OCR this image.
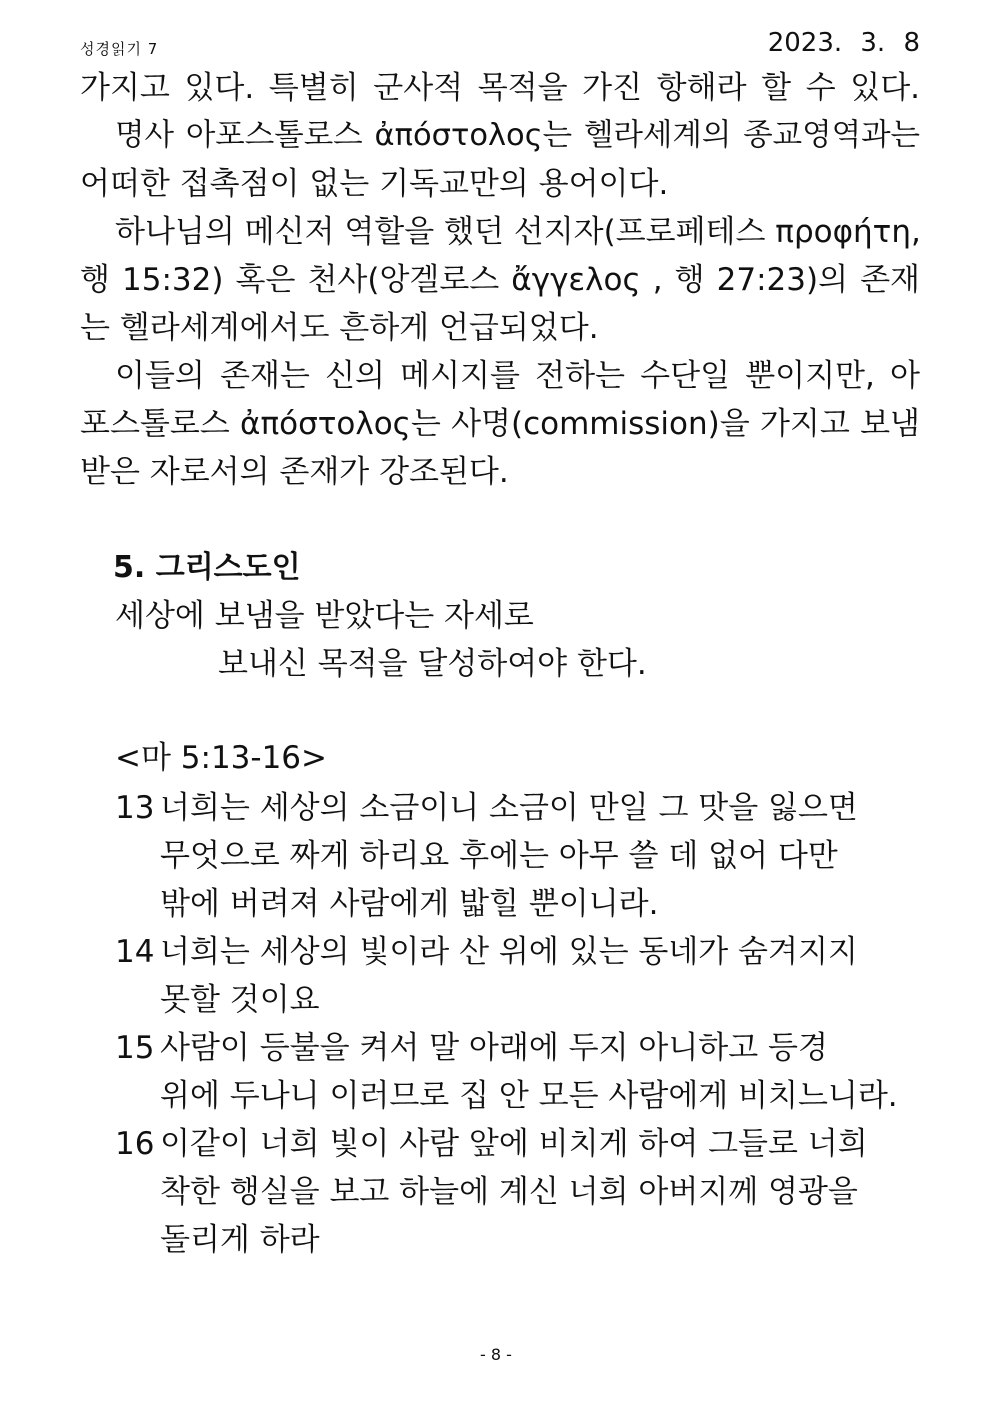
성경읽기 7	2023. 3. 8
가지고 있다. 특별히 군사적 목적을 가진 항해라 할 수 있다.
명사 아포스톨로스 ἀπόστολος는 헬라세계의 종교영역과는
어떠한 접촉점이 없는 기독교만의 용어이다.
하나님의 메신저 역할을 했던 선지자(프로페테스 προφήτη,
행 15:32) 혹은 천사(앙겔로스 ἄγγελος , 행 27:23)의 존재
는 헬라세계에서도 흔하게 언급되었다.
이들의 존재는 신의 메시지를 전하는 수단일 뿐이지만, 아
포스톨로스 ἀπόστολος는 사명(commission)을 가지고 보냄
받은 자로서의 존재가 강조된다.
5. 그리스도인
세상에 보냄을 받았다는 자세로
보내신 목적을 달성하여야 한다.
<마 5:13-16>
13 너희는 세상의 소금이니 소금이 만일 그 맛을 잃으면
무엇으로 짜게 하리요 후에는 아무 쓸 데 없어 다만
밖에 버려져 사람에게 밟힐 뿐이니라.
14 너희는 세상의 빛이라 산 위에 있는 동네가 숨겨지지
못할 것이요
15 사람이 등불을 켜서 말 아래에 두지 아니하고 등경
위에 두나니 이러므로 집 안 모든 사람에게 비치느니라.
16 이같이 너희 빛이 사람 앞에 비치게 하여 그들로 너희
착한 행실을 보고 하늘에 계신 너희 아버지께 영광을
돌리게 하라
- 8 -
